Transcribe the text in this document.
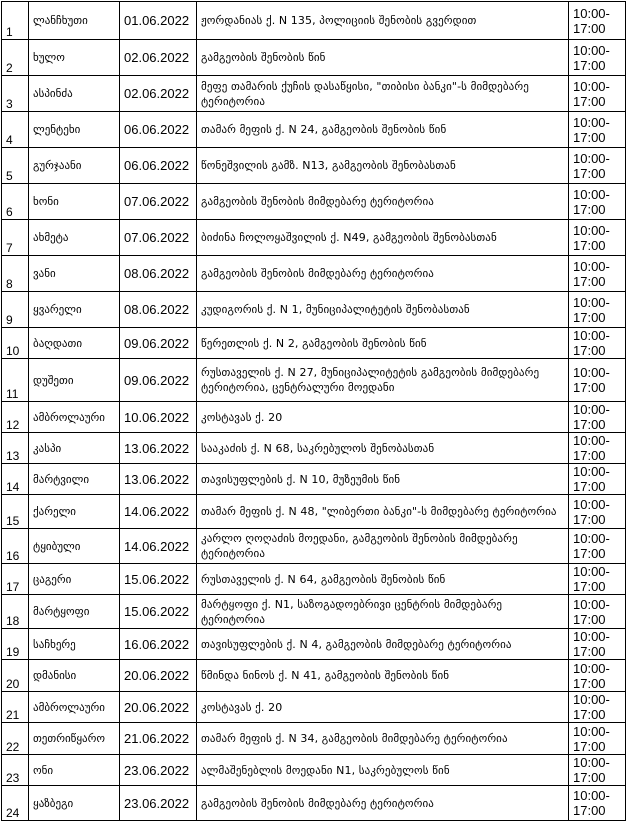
1	ლანჩხუთი	01.06.2022	ჟორდანიას ქ. N 135, პოლიციის შენობის გვერდით	10:00-
17:00

2	ხულო	02.06.2022	გამგეობის შენობის წინ	10:00-
17:00

3	ასპინძა	02.06.2022	მეფე თამარის ქუჩის დასაწყისი, "თიბისი ბანკი"-ს მიმდებარე ტერიტორია	10:00-
17:00

4	ლენტეხი	06.06.2022	თამარ მეფის ქ. N 24, გამგეობის შენობის წინ	10:00-
17:00

5	გურჯაანი	06.06.2022	წონეშვილის გამზ. N13, გამგეობის შენობასთან	10:00-
17:00

6	ხონი	07.06.2022	გამგეობის შენობის მიმდებარე ტერიტორია	10:00-
17:00

7	ახმეტა	07.06.2022	ბიძინა ჩოლოყაშვილის ქ. N49, გამგეობის შენობასთან	10:00-
17:00

8	ვანი	08.06.2022	გამგეობის შენობის მიმდებარე ტერიტორია	10:00-
17:00

9	ყვარელი	08.06.2022	კუდიგორის ქ. N 1, მუნიციპალიტეტის შენობასთან	10:00-
17:00

10	ბაღდათი	09.06.2022	წერეთლის ქ. N 2, გამგეობის შენობის წინ	10:00-
17:00

11	დუშეთი	09.06.2022	რუსთაველის ქ. N 27, მუნიციპალიტეტის გამგეობის მიმდებარე ტერიტორია, ცენტრალური მოედანი	10:00-
17:00

12	ამბროლაური	10.06.2022	კოსტავას ქ. 20	10:00-
17:00

13	კასპი	13.06.2022	სააკაძის ქ. N 68, საკრებულოს შენობასთან	10:00-
17:00

14	მარტვილი	13.06.2022	თავისუფლების ქ. N 10, მუზეუმის წინ	10:00-
17:00

15	ქარელი	14.06.2022	თამარ მეფის ქ. N 48, "ლიბერთი ბანკი"-ს მიმდებარე ტერიტორია	10:00-
17:00

16	ტყიბული	14.06.2022	კარლო ღოღაძის მოედანი, გამგეობის შენობის მიმდებარე ტერიტორია	10:00-
17:00

17	ცაგერი	15.06.2022	რუსთაველის ქ. N 64, გამგეობის შენობის წინ	10:00-
17:00

18	მარტყოფი	15.06.2022	მარტყოფი ქ. N1, საზოგადოებრივი ცენტრის მიმდებარე ტერიტორია	10:00-
17:00

19	საჩხერე	16.06.2022	თავისუფლების ქ. N 4, გამგეობის მიმდებარე ტერიტორია	10:00-
17:00

20	დმანისი	20.06.2022	წმინდა ნინოს ქ. N 41, გამგეობის შენობის წინ	10:00-
17:00

21	ამბროლაური	20.06.2022	კოსტავას ქ. 20	10:00-
17:00

22	თეთრიწყარო	21.06.2022	თამარ მეფის ქ. N 34, გამგეობის მიმდებარე ტერიტორია	10:00-
17:00

23	ონი	23.06.2022	ალმაშენებლის მოედანი N1, საკრებულოს წინ	10:00-
17:00

24	ყაზბეგი	23.06.2022	გამგეობის შენობის მიმდებარე ტერიტორია	10:00-
17:00
